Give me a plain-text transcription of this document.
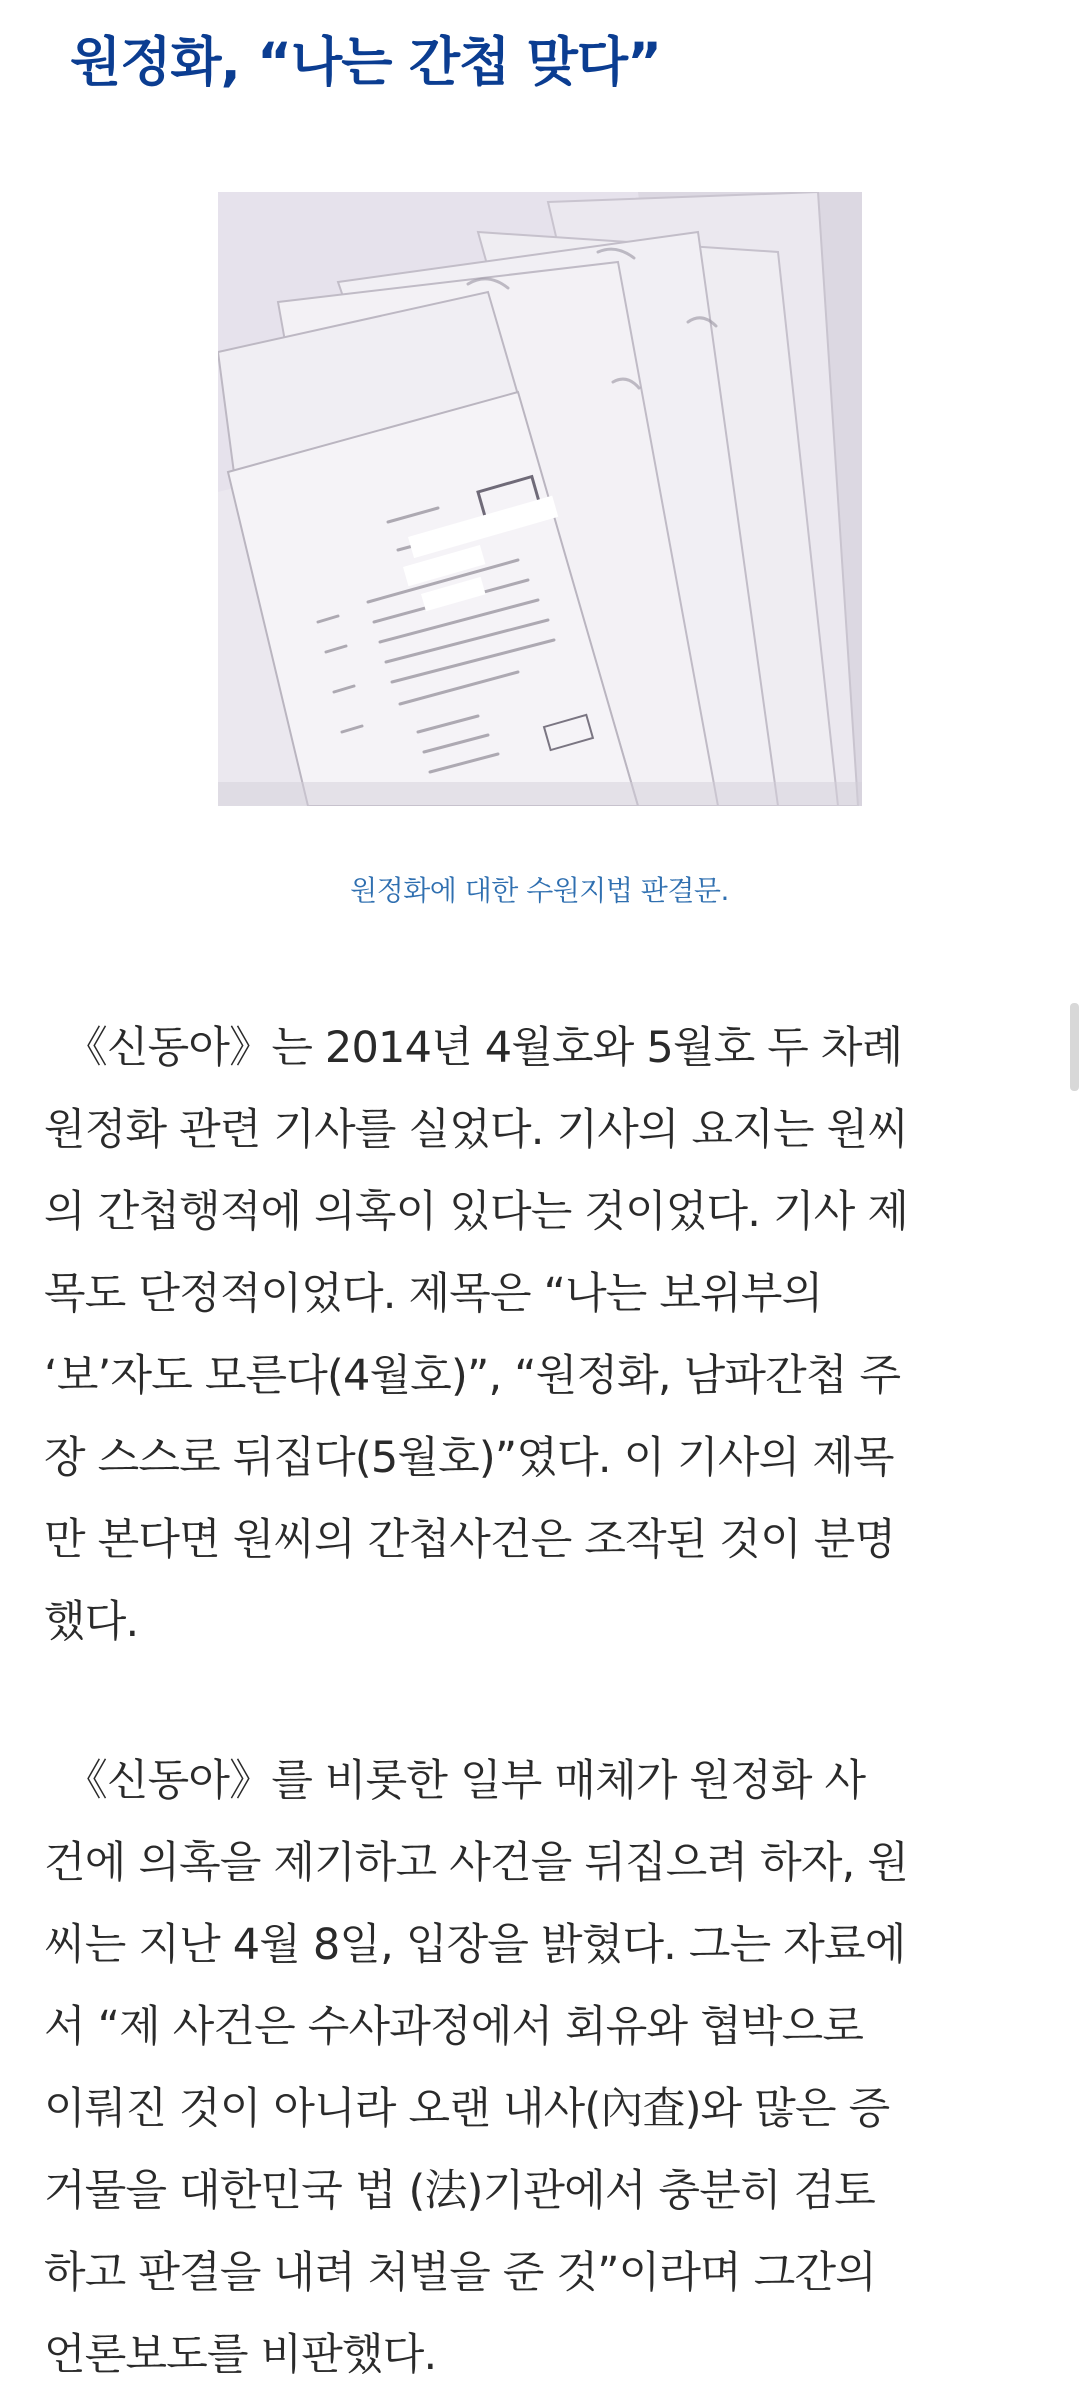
원정화, “나는 간첩 맞다”
원정화에 대한 수원지법 판결문.

　《신동아》는 2014년 4월호와 5월호 두 차례
원정화 관련 기사를 실었다. 기사의 요지는 원씨
의 간첩행적에 의혹이 있다는 것이었다. 기사 제
목도 단정적이었다. 제목은 “나는 보위부의
‘보’자도 모른다(4월호)”, “원정화, 남파간첩 주
장 스스로 뒤집다(5월호)”였다. 이 기사의 제목
만 본다면 원씨의 간첩사건은 조작된 것이 분명
했다.

　《신동아》를 비롯한 일부 매체가 원정화 사
건에 의혹을 제기하고 사건을 뒤집으려 하자, 원
씨는 지난 4월 8일, 입장을 밝혔다. 그는 자료에
서 “제 사건은 수사과정에서 회유와 협박으로
이뤄진 것이 아니라 오랜 내사(內査)와 많은 증
거물을 대한민국 법 (法)기관에서 충분히 검토
하고 판결을 내려 처벌을 준 것”이라며 그간의
언론보도를 비판했다.
